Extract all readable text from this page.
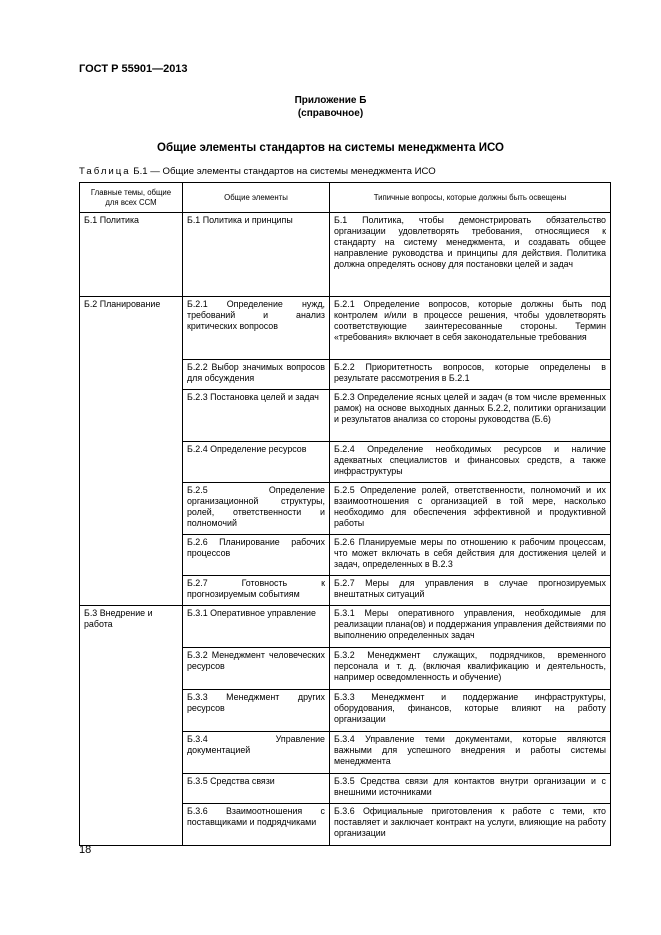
ГОСТ Р 55901—2013
Приложение Б
(справочное)
Общие элементы стандартов на системы менеджмента ИСО
Таблица Б.1 — Общие элементы стандартов на системы менеджмента ИСО
Главные темы, общие для всех ССМ	Общие элементы	Типичные вопросы, которые должны быть освещены
Б.1 Политика	Б.1 Политика и принципы	Б.1 Политика, чтобы демонстрировать обязательство организации удовлетворять требования, относящиеся к стандарту на систему менеджмента, и создавать общее направление руководства и принципы для действия. Политика должна определять основу для постановки целей и задач
Б.2 Планирование	Б.2.1 Определение нужд, требований и анализ критических вопросов	Б.2.1 Определение вопросов, которые должны быть под контролем и/или в процессе решения, чтобы удовлетворять соответствующие заинтересованные стороны. Термин «требования» включает в себя законодательные требования
	Б.2.2 Выбор значимых вопросов для обсуждения	Б.2.2 Приоритетность вопросов, которые определены в результате рассмотрения в Б.2.1
	Б.2.3 Постановка целей и задач	Б.2.3 Определение ясных целей и задач (в том числе временных рамок) на основе выходных данных Б.2.2, политики организации и результатов анализа со стороны руководства (Б.6)
	Б.2.4 Определение ресурсов	Б.2.4 Определение необходимых ресурсов и наличие адекватных специалистов и финансовых средств, а также инфраструктуры
	Б.2.5 Определение организационной структуры, ролей, ответственности и полномочий	Б.2.5 Определение ролей, ответственности, полномочий и их взаимоотношения с организацией в той мере, насколько необходимо для обеспечения эффективной и продуктивной работы
	Б.2.6 Планирование рабочих процессов	Б.2.6 Планируемые меры по отношению к рабочим процессам, что может включать в себя действия для достижения целей и задач, определенных в В.2.3
	Б.2.7 Готовность к прогнозируемым событиям	Б.2.7 Меры для управления в случае прогнозируемых внештатных ситуаций
Б.3 Внедрение и работа	Б.3.1 Оперативное управление	Б.3.1 Меры оперативного управления, необходимые для реализации плана(ов) и поддержания управления действиями по выполнению определенных задач
	Б.3.2 Менеджмент человеческих ресурсов	Б.3.2 Менеджмент служащих, подрядчиков, временного персонала и т. д. (включая квалификацию и деятельность, например осведомленность и обучение)
	Б.3.3 Менеджмент других ресурсов	Б.3.3 Менеджмент и поддержание инфраструктуры, оборудования, финансов, которые влияют на работу организации
	Б.3.4 Управление документацией	Б.3.4 Управление теми документами, которые являются важными для успешного внедрения и работы системы менеджмента
	Б.3.5 Средства связи	Б.3.5 Средства связи для контактов внутри организации и с внешними источниками
	Б.3.6 Взаимоотношения с поставщиками и подрядчиками	Б.3.6 Официальные приготовления к работе с теми, кто поставляет и заключает контракт на услуги, влияющие на работу организации
18
